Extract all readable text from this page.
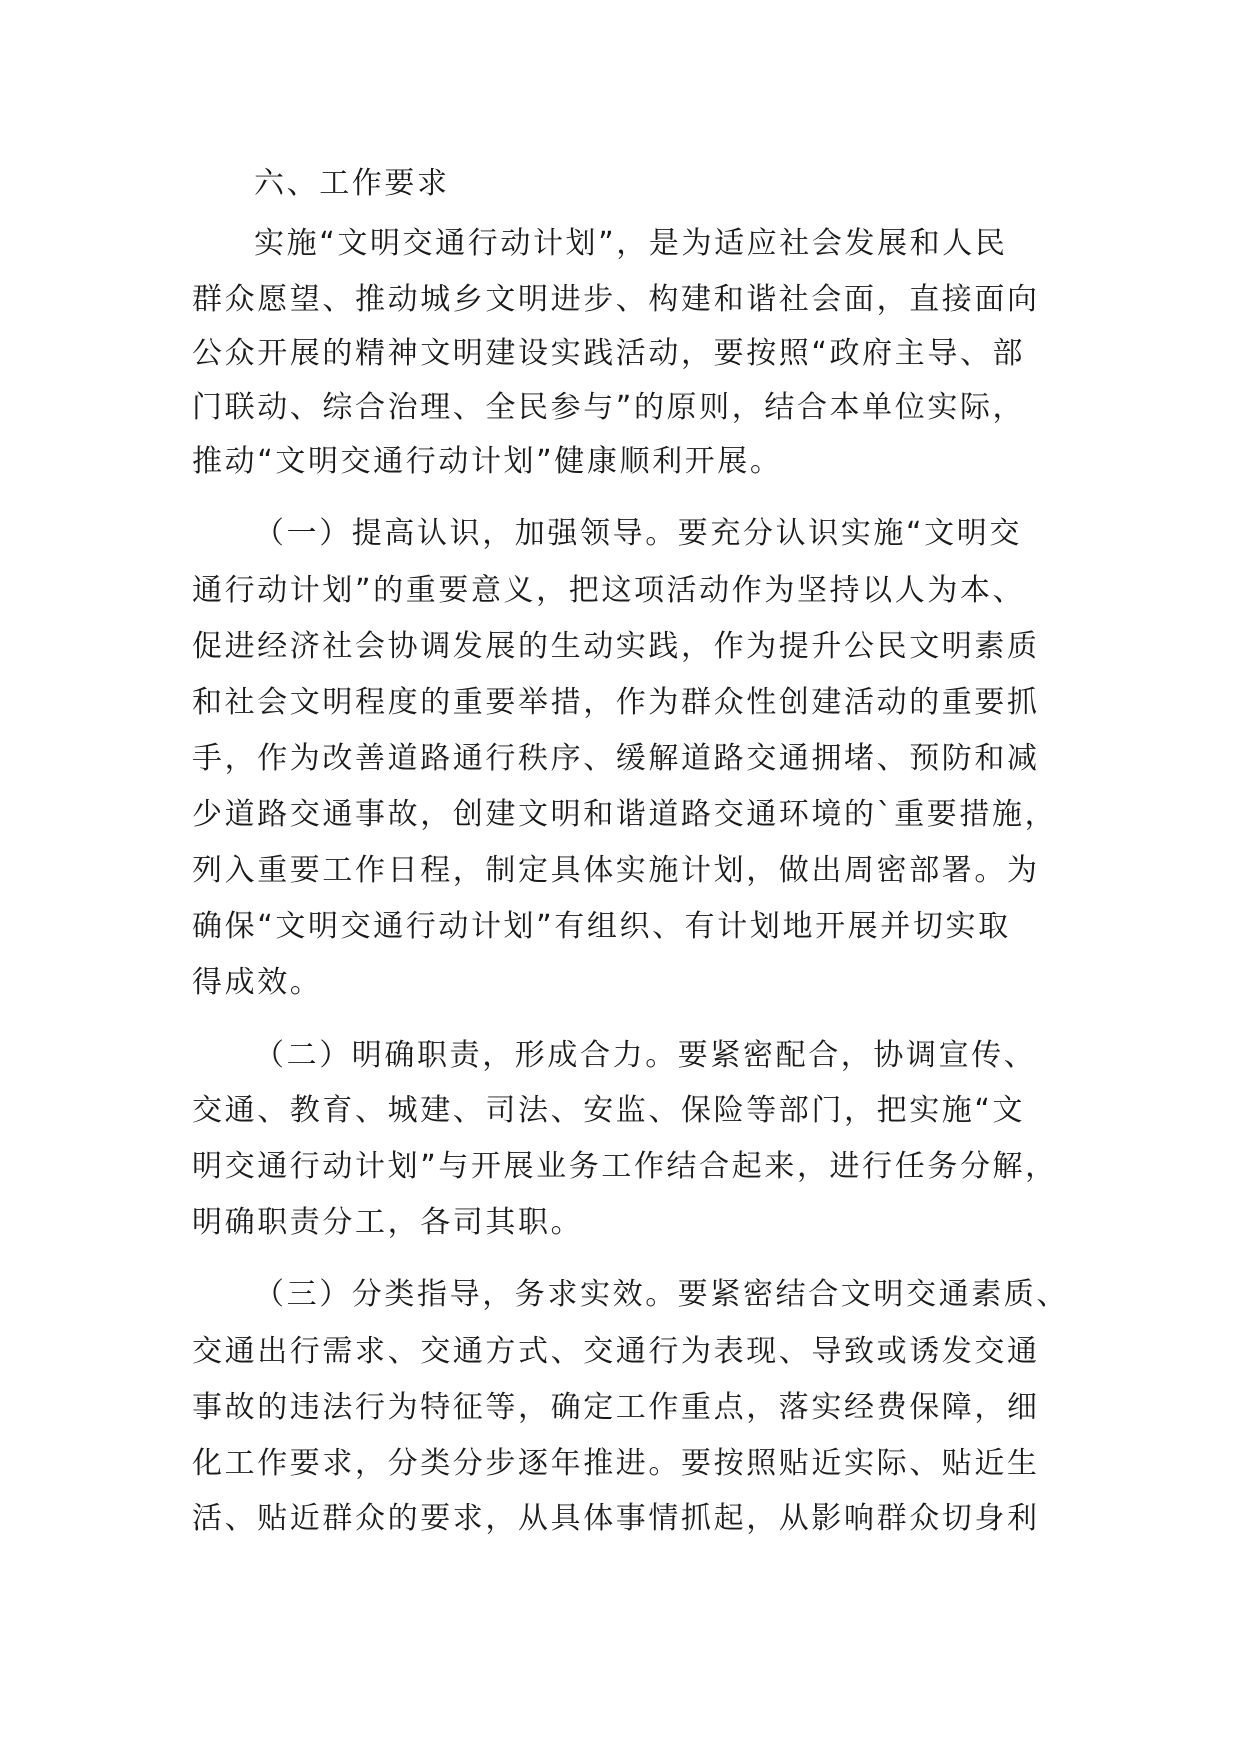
六、工作要求
实施“文明交通行动计划”，是为适应社会发展和人民
群众愿望、推动城乡文明进步、构建和谐社会面，直接面向
公众开展的精神文明建设实践活动，要按照“政府主导、部
门联动、综合治理、全民参与”的原则，结合本单位实际，
推动“文明交通行动计划”健康顺利开展。
（一）提高认识，加强领导。要充分认识实施“文明交
通行动计划”的重要意义，把这项活动作为坚持以人为本、
促进经济社会协调发展的生动实践，作为提升公民文明素质
和社会文明程度的重要举措，作为群众性创建活动的重要抓
手，作为改善道路通行秩序、缓解道路交通拥堵、预防和减
少道路交通事故，创建文明和谐道路交通环境的`重要措施，
列入重要工作日程，制定具体实施计划，做出周密部署。为
确保“文明交通行动计划”有组织、有计划地开展并切实取
得成效。
（二）明确职责，形成合力。要紧密配合，协调宣传、
交通、教育、城建、司法、安监、保险等部门，把实施“文
明交通行动计划”与开展业务工作结合起来，进行任务分解，
明确职责分工，各司其职。
（三）分类指导，务求实效。要紧密结合文明交通素质、
交通出行需求、交通方式、交通行为表现、导致或诱发交通
事故的违法行为特征等，确定工作重点，落实经费保障，细
化工作要求，分类分步逐年推进。要按照贴近实际、贴近生
活、贴近群众的要求，从具体事情抓起，从影响群众切身利
